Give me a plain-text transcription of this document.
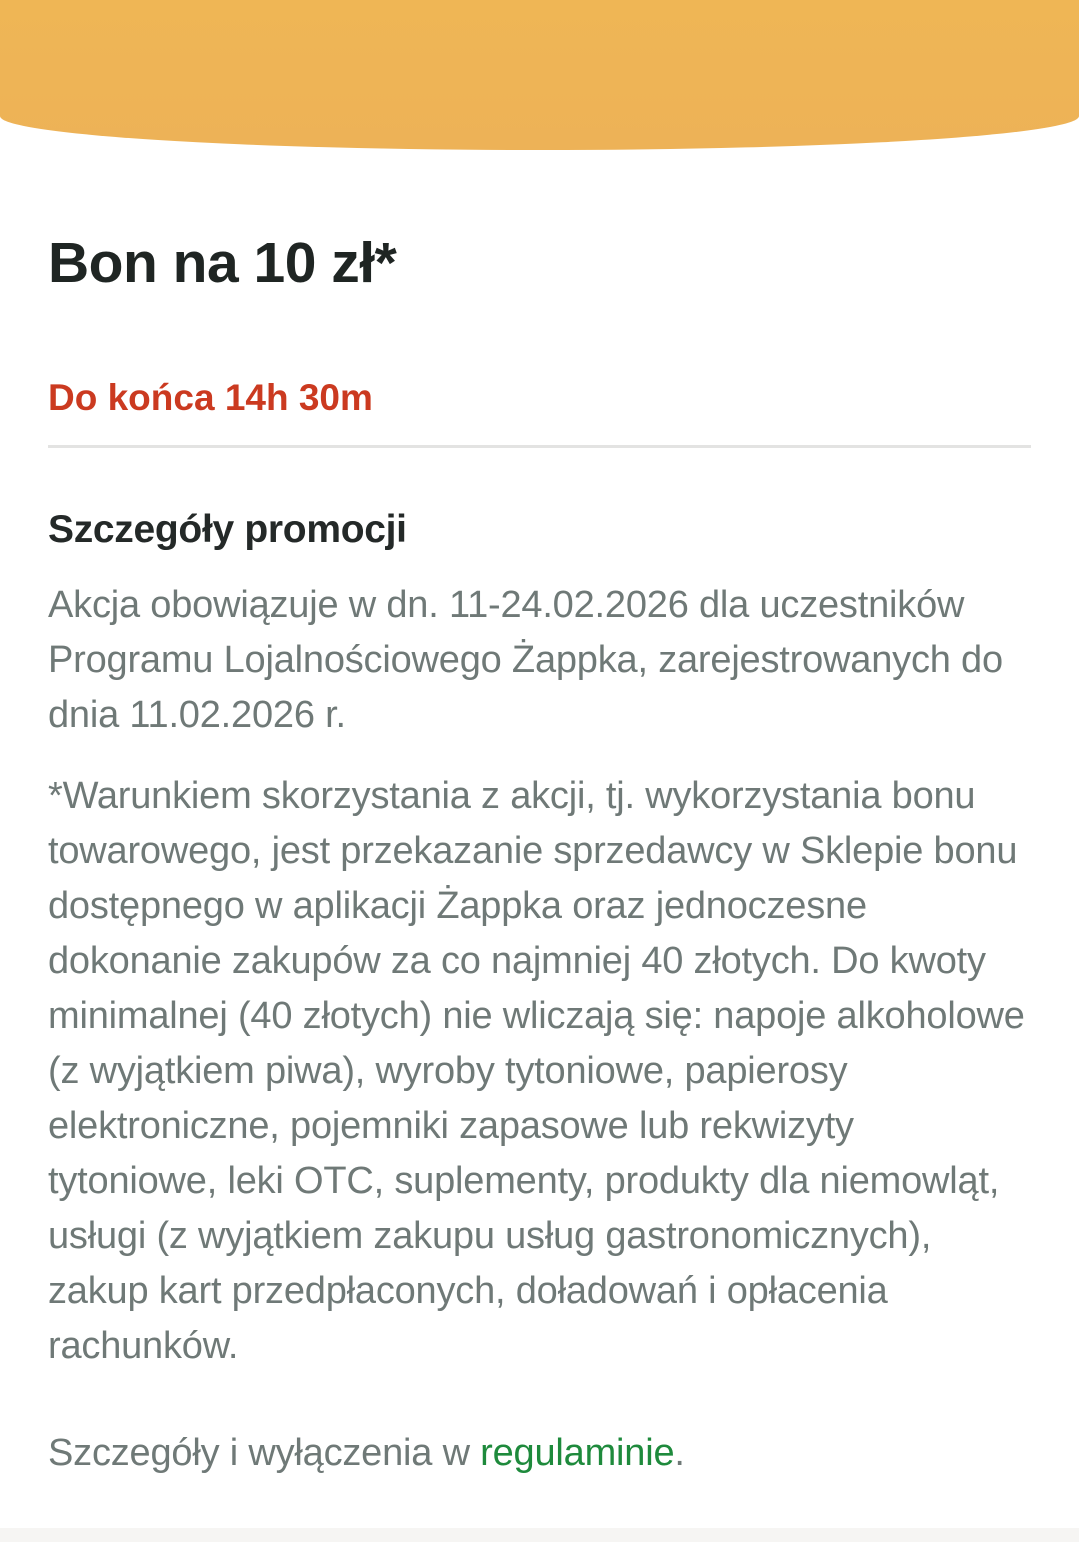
Bon na 10 zł*
Do końca 14h 30m
Szczegóły promocji

Akcja obowiązuje w dn. 11-24.02.2026 dla uczestników Programu Lojalnościowego Żappka, zarejestrowanych do dnia 11.02.2026 r.

*Warunkiem skorzystania z akcji, tj. wykorzystania bonu towarowego, jest przekazanie sprzedawcy w Sklepie bonu dostępnego w aplikacji Żappka oraz jednoczesne dokonanie zakupów za co najmniej 40 złotych. Do kwoty minimalnej (40 złotych) nie wliczają się: napoje alkoholowe (z wyjątkiem piwa), wyroby tytoniowe, papierosy elektroniczne, pojemniki zapasowe lub rekwizyty tytoniowe, leki OTC, suplementy, produkty dla niemowląt, usługi (z wyjątkiem zakupu usług gastronomicznych), zakup kart przedpłaconych, doładowań i opłacenia rachunków.

Szczegóły i wyłączenia w regulaminie.
